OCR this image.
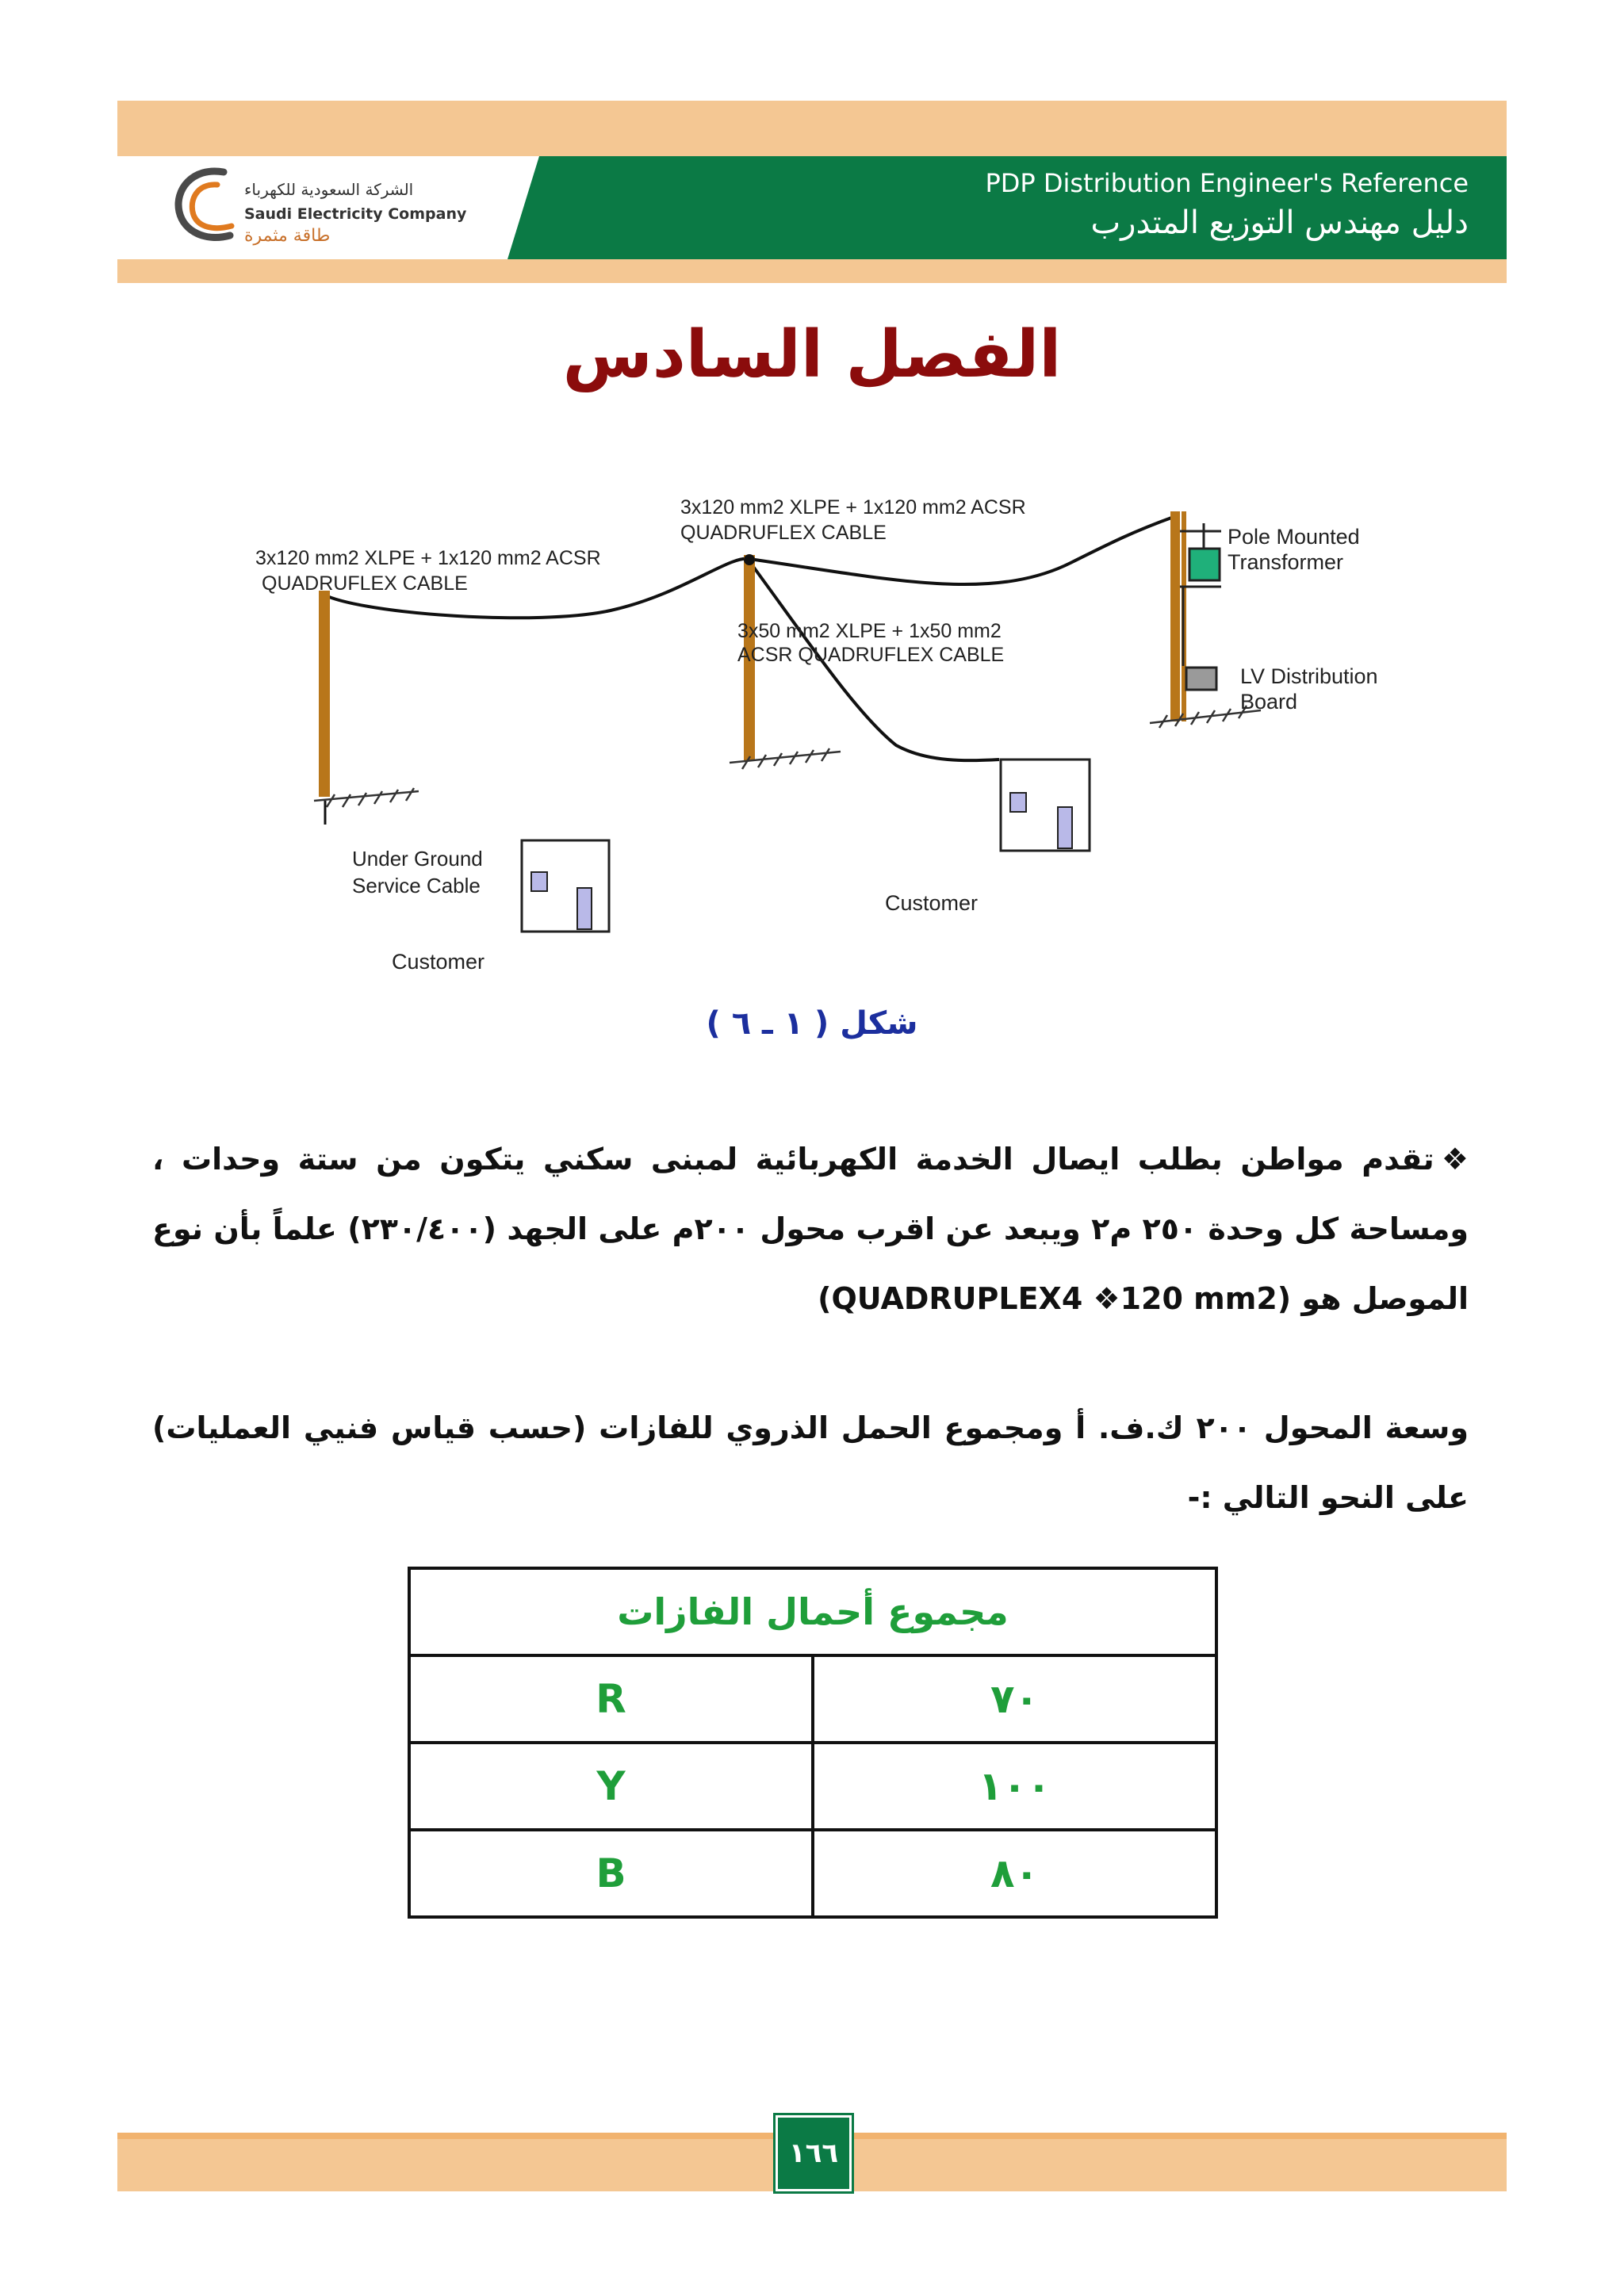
PDP Distribution Engineer's Reference
دليل مهندس التوزيع المتدرب
الشركة السعودية للكهرباء
Saudi Electricity Company
طاقة مثمرة
الفصل السادس
3x120 mm2 XLPE + 1x120 mm2 ACSR
QUADRUFLEX CABLE
3x120 mm2 XLPE + 1x120 mm2 ACSR
QUADRUFLEX CABLE
3x50 mm2 XLPE + 1x50 mm2
ACSR QUADRUFLEX CABLE
Pole Mounted
Transformer
LV Distribution
Board
Under Ground
Service Cable
Customer
Customer
شكل ( ١ ـ ٦ )
❖تقدم مواطن بطلب ايصال الخدمة الكهربائية لمبنى سكني يتكون من ستة وحدات ، ومساحة كل وحدة ٢٥٠ م٢ ويبعد عن اقرب محول ٢٠٠م على الجهد (٢٣٠/٤٠٠) علماً بأن نوع الموصل هو (QUADRUPLEX4 ❖120 mm2)
وسعة المحول ٢٠٠ ك.ف. أ ومجموع الحمل الذروي للفازات (حسب قياس فنيي العمليات) على النحو التالي :-
مجموع أحمال الفازات	
٧٠	R
١٠٠	Y
٨٠	B
١٦٦
